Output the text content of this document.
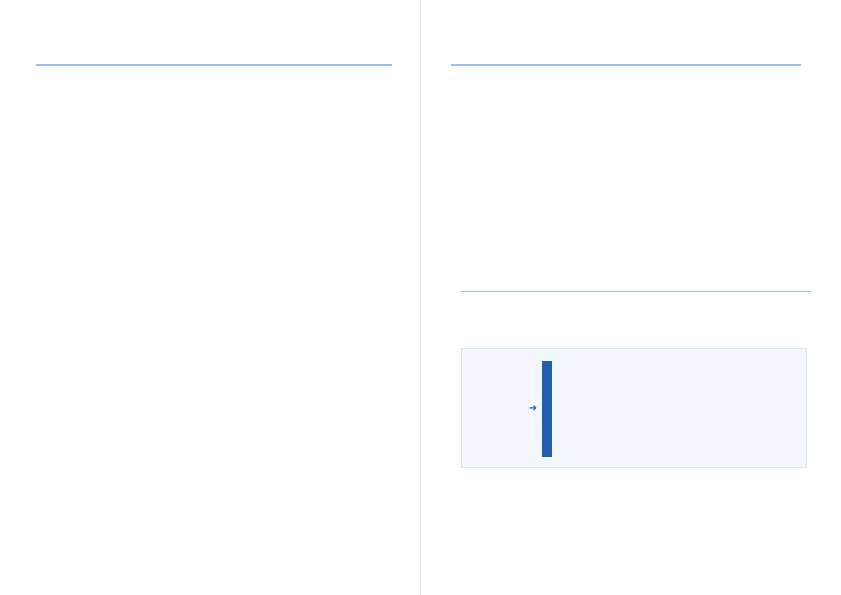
➜
